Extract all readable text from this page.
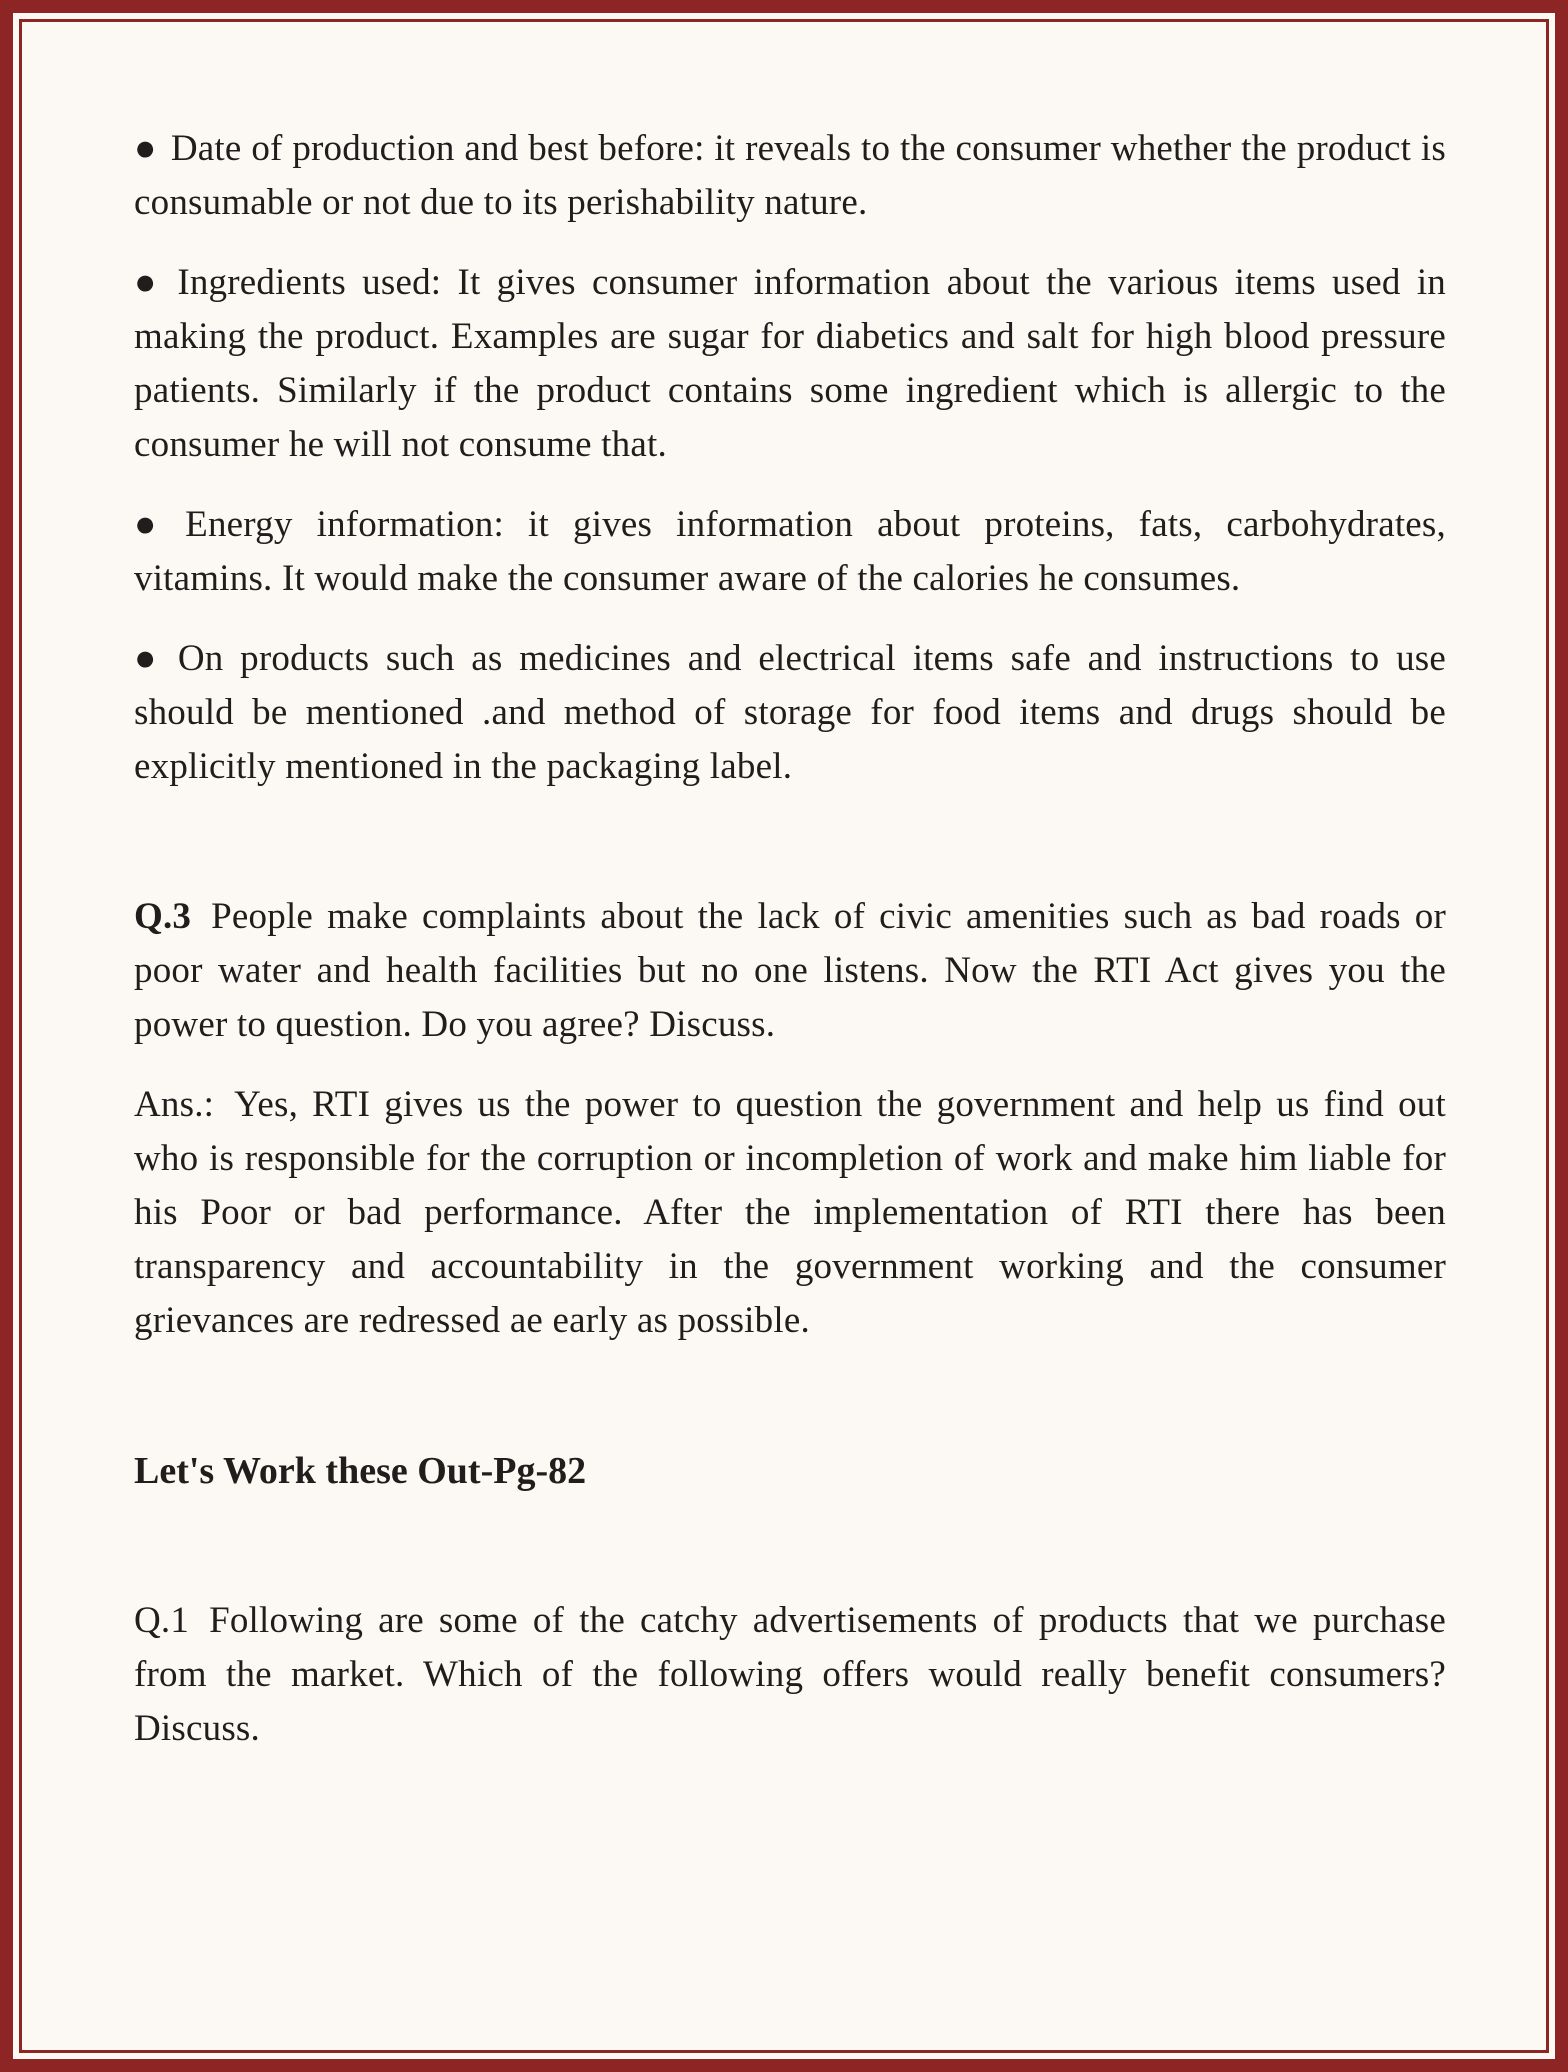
● Date of production and best before: it reveals to the consumer whether the product is consumable or not due to its perishability nature.

● Ingredients used: It gives consumer information about the various items used in making the product. Examples are sugar for diabetics and salt for high blood pressure patients. Similarly if the product contains some ingredient which is allergic to the consumer he will not consume that.

● Energy information: it gives information about proteins, fats, carbohydrates, vitamins. It would make the consumer aware of the calories he consumes.

● On products such as medicines and electrical items safe and instructions to use should be mentioned .and method of storage for food items and drugs should be explicitly mentioned in the packaging label.

Q.3 People make complaints about the lack of civic amenities such as bad roads or poor water and health facilities but no one listens. Now the RTI Act gives you the power to question. Do you agree? Discuss.

Ans.: Yes, RTI gives us the power to question the government and help us find out who is responsible for the corruption or incompletion of work and make him liable for his Poor or bad performance. After the implementation of RTI there has been transparency and accountability in the government working and the consumer grievances are redressed ae early as possible.

Let's Work these Out-Pg-82

Q.1 Following are some of the catchy advertisements of products that we purchase from the market. Which of the following offers would really benefit consumers? Discuss.
